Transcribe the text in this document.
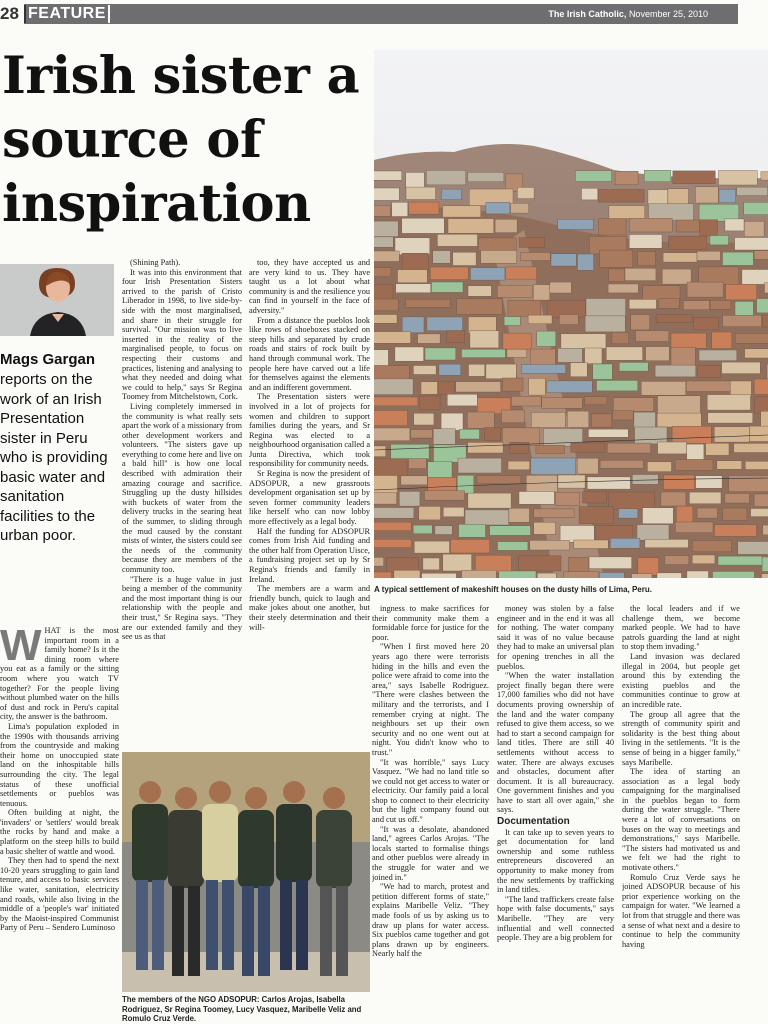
28 FEATURE	The Irish Catholic, November 25, 2010
Irish sister a source of inspiration
Mags Gargan
reports on the work of an Irish Presentation sister in Peru who is providing basic water and sanitation facilities to the urban poor.

(Shining Path).

It was into this environment that four Irish Presentation Sisters arrived to the parish of Cristo Liberador in 1998, to live side-by-side with the most marginalised, and share in their struggle for survival. "Our mission was to live inserted in the reality of the marginalised people, to focus on respecting their customs and practices, listening and analysing to what they needed and doing what we could to help," says Sr Regina Toomey from Mitchelstown, Cork.

Living completely immersed in the community is what really sets apart the work of a missionary from other development workers and volunteers. "The sisters gave up everything to come here and live on a bald hill" is how one local described with admiration their amazing courage and sacrifice. Struggling up the dusty hillsides with buckets of water from the delivery trucks in the searing heat of the summer, to sliding through the mud caused by the constant mists of winter, the sisters could see the needs of the community because they are members of the community too.

"There is a huge value in just being a member of the community and the most important thing is our relationship with the people and their trust," Sr Regina says. "They are our extended family and they see us as that

too, they have accepted us and are very kind to us. They have taught us a lot about what community is and the resilience you can find in yourself in the face of adversity."

From a distance the pueblos look like rows of shoeboxes stacked on steep hills and separated by crude roads and stairs of rock built by hand through communal work. The people here have carved out a life for themselves against the elements and an indifferent government.

The Presentation sisters were involved in a lot of projects for women and children to support families during the years, and Sr Regina was elected to a neighbourhood organisation called a Junta Directiva, which took responsibility for community needs.

Sr Regina is now the president of ADSOPUR, a new grassroots development organisation set up by seven former community leaders like herself who can now lobby more effectively as a legal body.

Half the funding for ADSOPUR comes from Irish Aid funding and the other half from Operation Uisce, a fundraising project set up by Sr Regina's friends and family in Ireland.

The members are a warm and friendly bunch, quick to laugh and make jokes about one another, but their steely determination and their will-

W HAT is the most important room in a family home? Is it the dining room where you eat as a family or the sitting room where you watch TV together? For the people living without plumbed water on the hills of dust and rock in Peru's capital city, the answer is the bathroom.

Lima's population exploded in the 1990s with thousands arriving from the countryside and making their home on unoccupied state land on the inhospitable hills surrounding the city. The legal status of these unofficial settlements or pueblos was tenuous.

Often building at night, the 'invaders' or 'settlers' would break the rocks by hand and make a platform on the steep hills to build a basic shelter of wattle and wood.

They then had to spend the next 10-20 years struggling to gain land tenure, and access to basic services like water, sanitation, electricity and roads, while also living in the middle of a 'people's war' initiated by the Maoist-inspired Communist Party of Peru – Sendero Luminoso

ingness to make sacrifices for their community make them a formidable force for justice for the poor.

"When I first moved here 20 years ago there were terrorists hiding in the hills and even the police were afraid to come into the area," says Isabelle Rodriguez. "There were clashes between the military and the terrorists, and I remember crying at night. The neighbours set up their own security and no one went out at night. You didn't know who to trust."

"It was horrible," says Lucy Vasquez. "We had no land title so we could not get access to water or electricity. Our family paid a local shop to connect to their electricity but the light company found out and cut us off."

"It was a desolate, abandoned land," agrees Carlos Arojas. "The locals started to formalise things and other pueblos were already in the struggle for water and we joined in."

"We had to march, protest and petition different forms of state," explains Maribelle Veliz. "They made fools of us by asking us to draw up plans for water access. Six pueblos came together and got plans drawn up by engineers. Nearly half the

money was stolen by a false engineer and in the end it was all for nothing. The water company said it was of no value because they had to make an universal plan for opening trenches in all the pueblos.

"When the water installation project finally began there were 17,000 families who did not have documents proving ownership of the land and the water company refused to give them access, so we had to start a second campaign for land titles. There are still 40 settlements without access to water. There are always excuses and obstacles, document after document. It is all bureaucracy. One government finishes and you have to start all over again," she says.

Documentation

It can take up to seven years to get documentation for land ownership and some ruthless entrepreneurs discovered an opportunity to make money from the new settlements by trafficking in land titles.

"The land traffickers create false hope with false documents," says Maribelle. "They are very influential and well connected people. They are a big problem for

the local leaders and if we challenge them, we become marked people. We had to have patrols guarding the land at night to stop them invading."

Land invasion was declared illegal in 2004, but people get around this by extending the existing pueblos and the communities continue to grow at an incredible rate.

The group all agree that the strength of community spirit and solidarity is the best thing about living in the settlements. "It is the sense of being in a bigger family," says Maribelle.

The idea of starting an association as a legal body campaigning for the marginalised in the pueblos began to form during the water struggle. "There were a lot of conversations on buses on the way to meetings and demonstrations," says Maribelle. "The sisters had motivated us and we felt we had the right to motivate others."

Romulo Cruz Verde says he joined ADSOPUR because of his prior experience working on the campaign for water. "We learned a lot from that struggle and there was a sense of what next and a desire to continue to help the community having

A typical settlement of makeshift houses on the dusty hills of Lima, Peru.
The members of the NGO ADSOPUR: Carlos Arojas, Isabella Rodriguez, Sr Regina Toomey, Lucy Vasquez, Maribelle Veliz and Romulo Cruz Verde.
